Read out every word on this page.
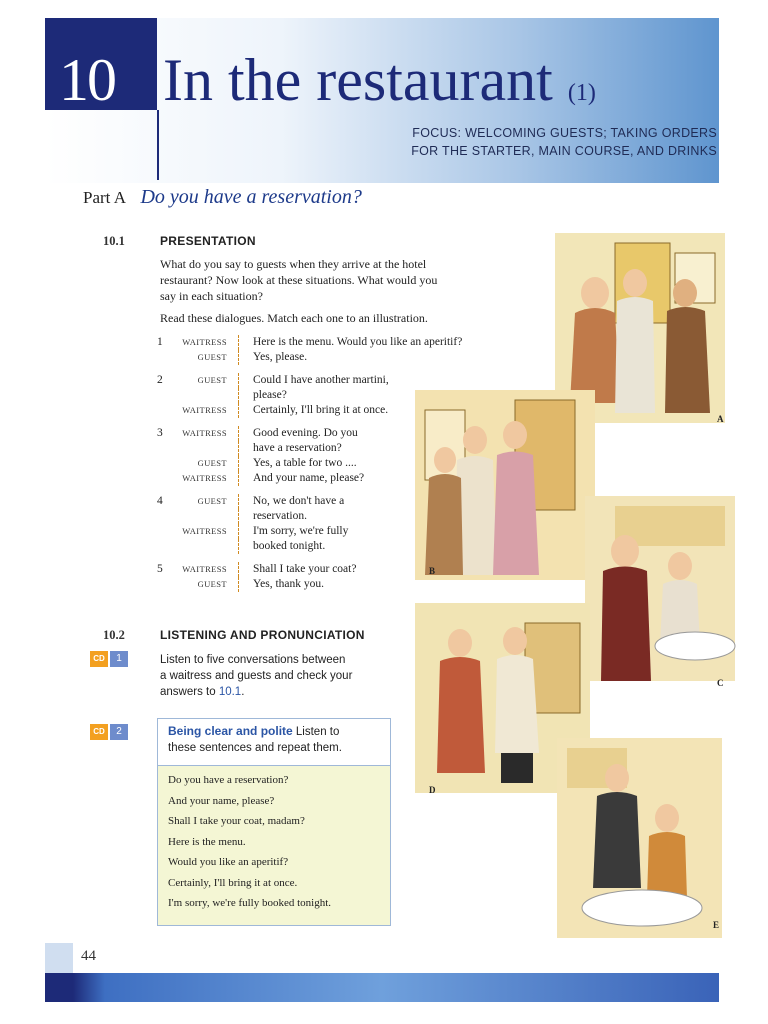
10 In the restaurant (1)
FOCUS: WELCOMING GUESTS; TAKING ORDERS
FOR THE STARTER, MAIN COURSE, AND DRINKS
Part A Do you have a reservation?
10.1	PRESENTATION
What do you say to guests when they arrive at the hotel
restaurant? Now look at these situations. What would you
say in each situation?
Read these dialogues. Match each one to an illustration.
1	WAITRESS Here is the menu. Would you like an aperitif?
GUEST Yes, please.
2	GUEST Could I have another martini,
please?
WAITRESS Certainly, I'll bring it at once.
3	WAITRESS Good evening. Do you
have a reservation?
GUEST Yes, a table for two ....
WAITRESS And your name, please?
4	GUEST No, we don't have a
reservation.
WAITRESS I'm sorry, we're fully
booked tonight.
5	WAITRESS Shall I take your coat?
GUEST Yes, thank you.
10.2	LISTENING AND PRONUNCIATION
CD	1	Listen to five conversations between
a waitress and guests and check your
answers to 10.1.
CD	2	Being clear and polite Listen to
these sentences and repeat them.
Do you have a reservation?
And your name, please?
Shall I take your coat, madam?
Here is the menu.
Would you like an aperitif?
Certainly, I'll bring it at once.
I'm sorry, we're fully booked tonight.
A
B
C
D
E
44
